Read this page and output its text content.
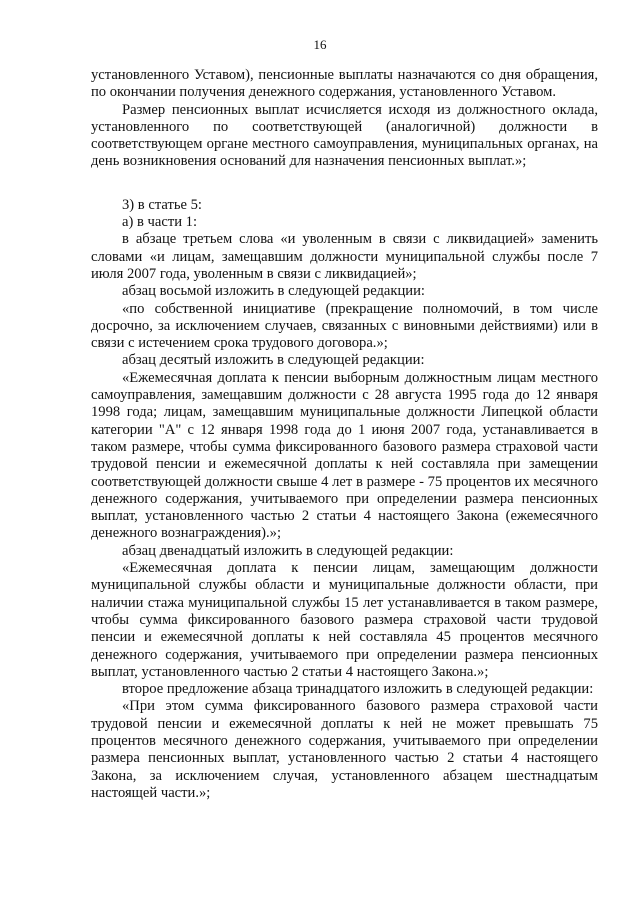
16

установленного Уставом), пенсионные выплаты назначаются со дня обращения, по окончании получения денежного содержания, установленного Уставом.

Размер пенсионных выплат исчисляется исходя из должностного оклада, установленного по соответствующей (аналогичной) должности в соответствующем органе местного самоуправления, муниципальных органах, на день возникновения оснований для назначения пенсионных выплат.»;

3) в статье 5:

а) в части 1:

в абзаце третьем слова «и уволенным в связи с ликвидацией» заменить словами «и лицам, замещавшим должности муниципальной службы после 7 июля 2007 года, уволенным в связи с ликвидацией»;

абзац восьмой изложить в следующей редакции:

«по собственной инициативе (прекращение полномочий, в том числе досрочно, за исключением случаев, связанных с виновными действиями) или в связи с истечением срока трудового договора.»;

абзац десятый изложить в следующей редакции:

«Ежемесячная доплата к пенсии выборным должностным лицам местного самоуправления, замещавшим должности с 28 августа 1995 года до 12 января 1998 года; лицам, замещавшим муниципальные должности Липецкой области категории "А" с 12 января 1998 года до 1 июня 2007 года, устанавливается в таком размере, чтобы сумма фиксированного базового размера страховой части трудовой пенсии и ежемесячной доплаты к ней составляла при замещении соответствующей должности свыше 4 лет в размере - 75 процентов их месячного денежного содержания, учитываемого при определении размера пенсионных выплат, установленного частью 2 статьи 4 настоящего Закона (ежемесячного денежного вознаграждения).»;

абзац двенадцатый изложить в следующей редакции:

«Ежемесячная доплата к пенсии лицам, замещающим должности муниципальной службы области и муниципальные должности области, при наличии стажа муниципальной службы 15 лет устанавливается в таком размере, чтобы сумма фиксированного базового размера страховой части трудовой пенсии и ежемесячной доплаты к ней составляла 45 процентов месячного денежного содержания, учитываемого при определении размера пенсионных выплат, установленного частью 2 статьи 4 настоящего Закона.»;

второе предложение абзаца тринадцатого изложить в следующей редакции:

«При этом сумма фиксированного базового размера страховой части трудовой пенсии и ежемесячной доплаты к ней не может превышать 75 процентов месячного денежного содержания, учитываемого при определении размера пенсионных выплат, установленного частью 2 статьи 4 настоящего Закона, за исключением случая, установленного абзацем шестнадцатым настоящей части.»;
